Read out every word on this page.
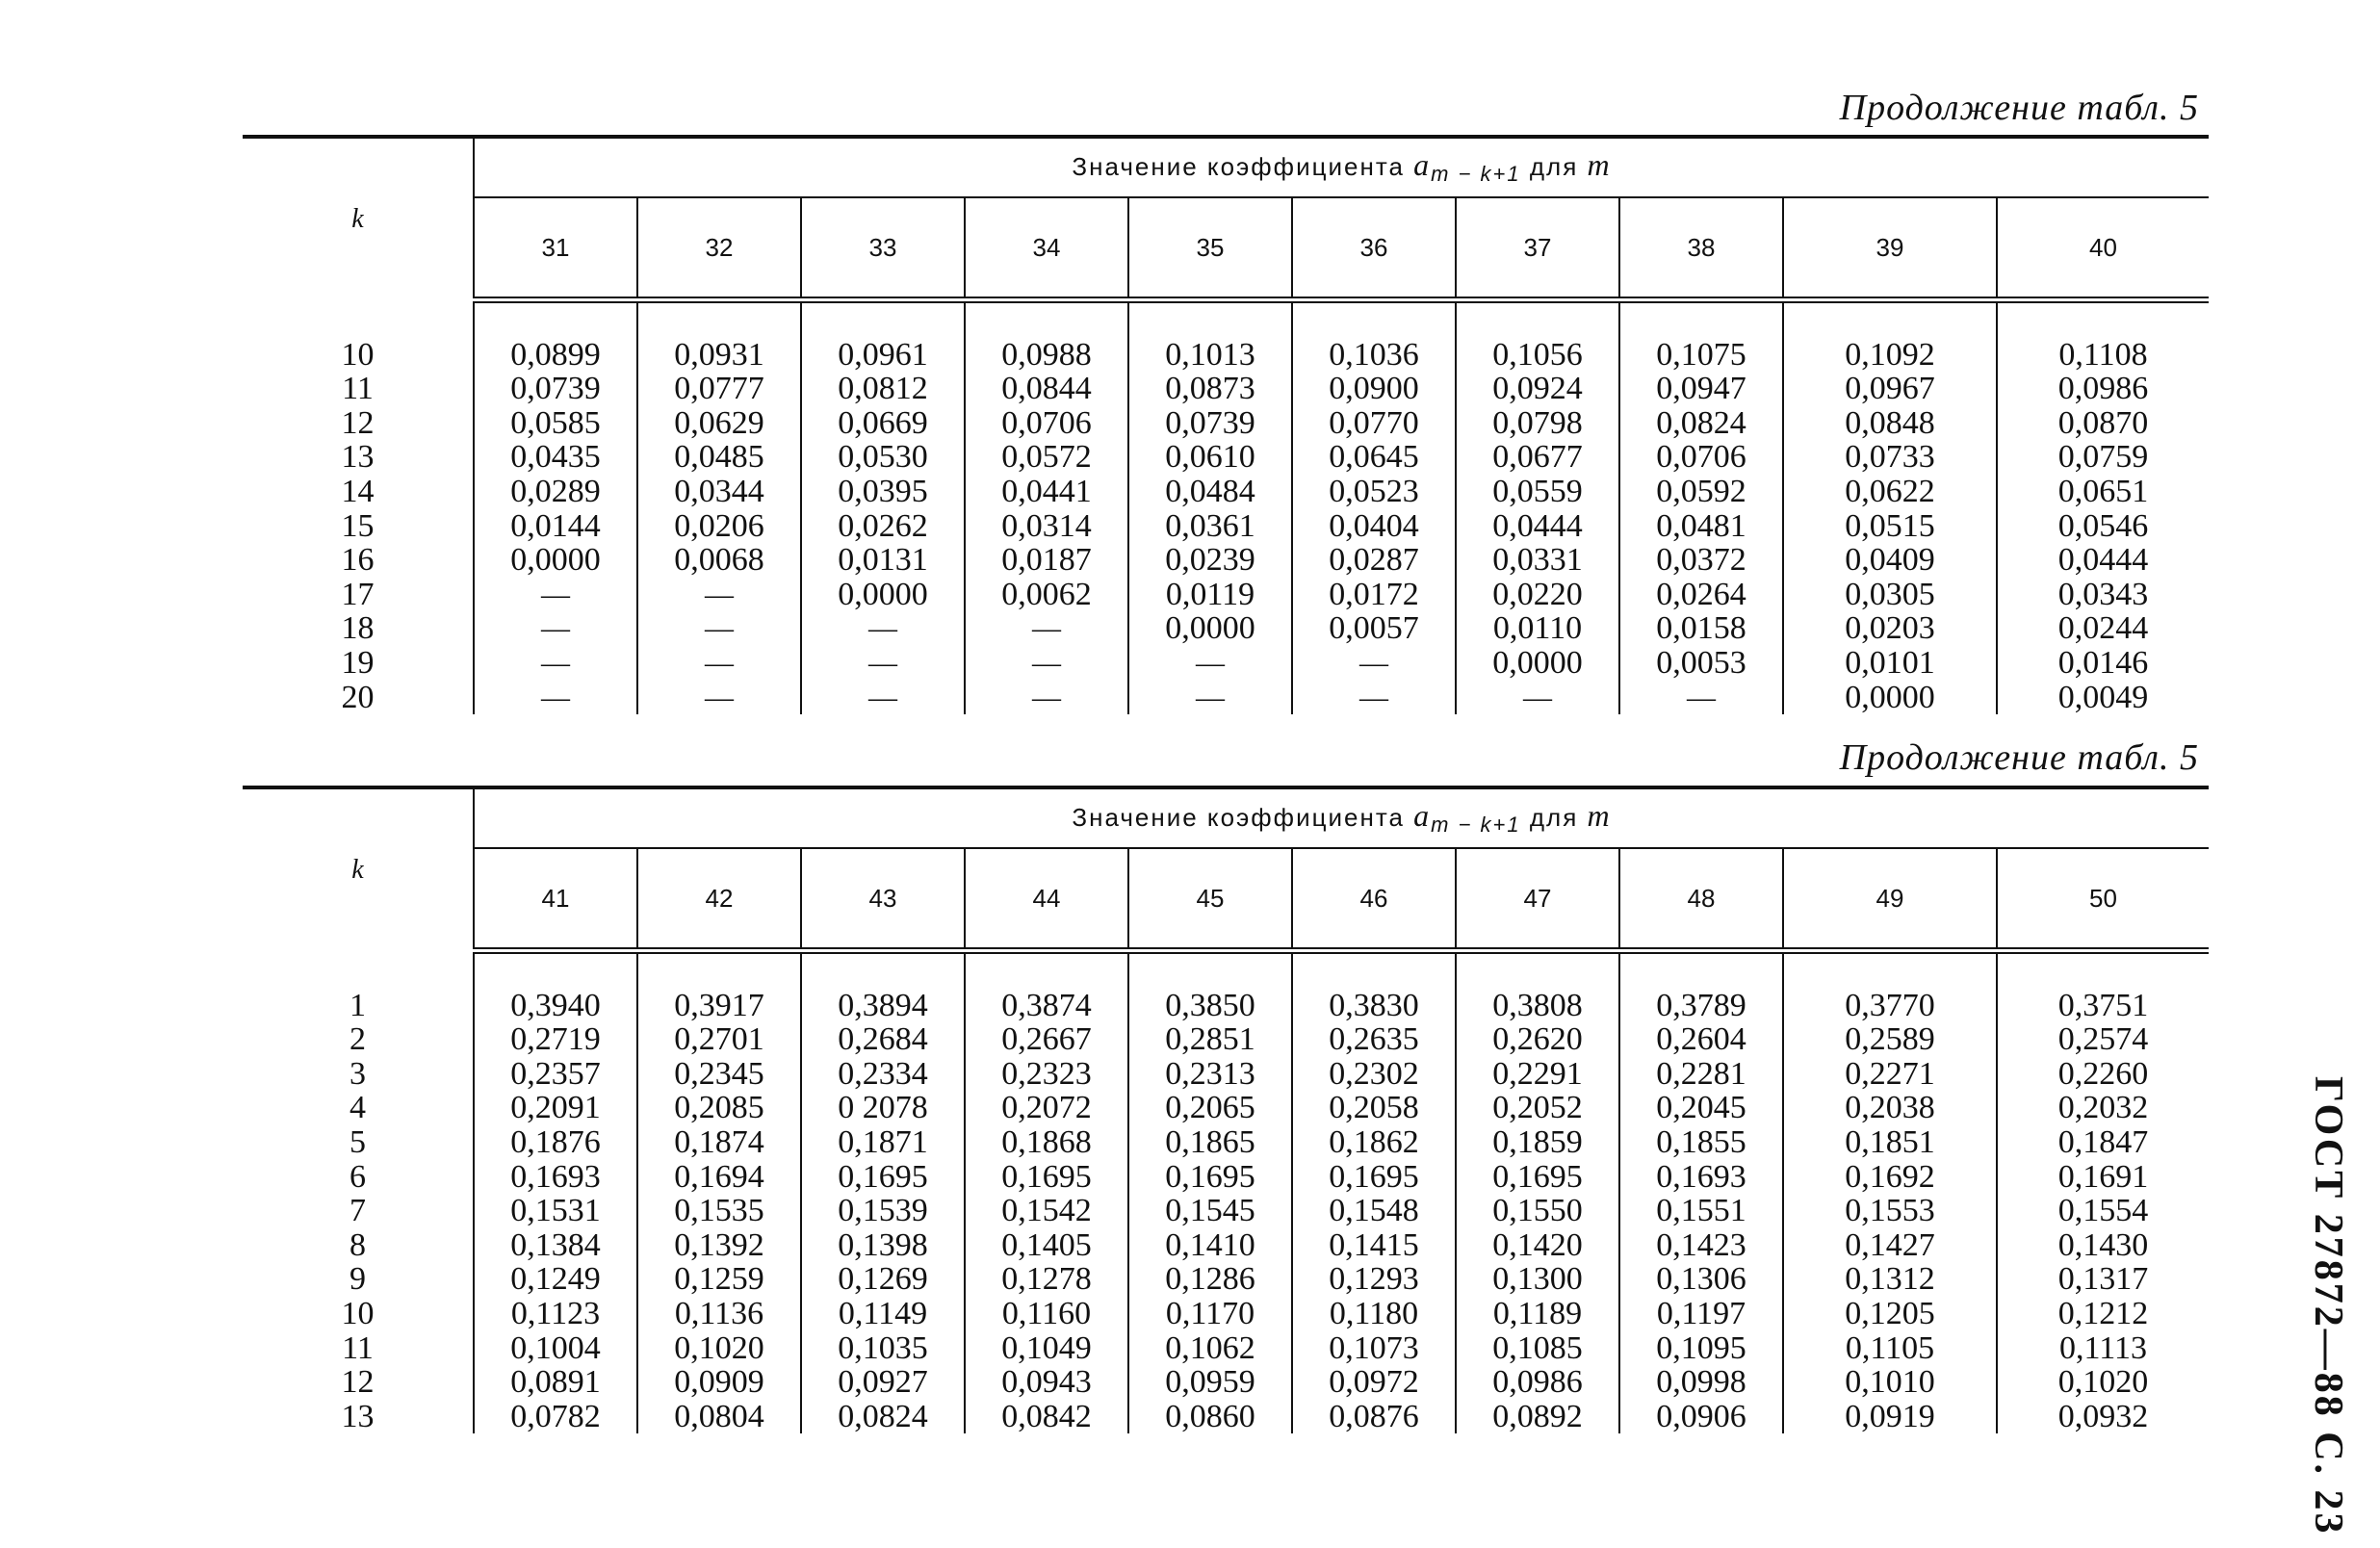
Продолжение табл. 5
k	Значение коэффициента $a_{m - k+1}$ для m									
	31	32	33	34	35	36	37	38	39	40

10	0,0899	0,0931	0,0961	0,0988	0,1013	0,1036	0,1056	0,1075	0,1092	0,1108
11	0,0739	0,0777	0,0812	0,0844	0,0873	0,0900	0,0924	0,0947	0,0967	0,0986
12	0,0585	0,0629	0,0669	0,0706	0,0739	0,0770	0,0798	0,0824	0,0848	0,0870
13	0,0435	0,0485	0,0530	0,0572	0,0610	0,0645	0,0677	0,0706	0,0733	0,0759
14	0,0289	0,0344	0,0395	0,0441	0,0484	0,0523	0,0559	0,0592	0,0622	0,0651
15	0,0144	0,0206	0,0262	0,0314	0,0361	0,0404	0,0444	0,0481	0,0515	0,0546
16	0,0000	0,0068	0,0131	0,0187	0,0239	0,0287	0,0331	0,0372	0,0409	0,0444
17	—	—	0,0000	0,0062	0,0119	0,0172	0,0220	0,0264	0,0305	0,0343
18	—	—	—	—	0,0000	0,0057	0,0110	0,0158	0,0203	0,0244
19	—	—	—	—	—	—	0,0000	0,0053	0,0101	0,0146
20	—	—	—	—	—	—	—	—	0,0000	0,0049
Продолжение табл. 5
k	Значение коэффициента $a_{m - k+1}$ для m									
	41	42	43	44	45	46	47	48	49	50

1	0,3940	0,3917	0,3894	0,3874	0,3850	0,3830	0,3808	0,3789	0,3770	0,3751
2	0,2719	0,2701	0,2684	0,2667	0,2851	0,2635	0,2620	0,2604	0,2589	0,2574
3	0,2357	0,2345	0,2334	0,2323	0,2313	0,2302	0,2291	0,2281	0,2271	0,2260
4	0,2091	0,2085	0 2078	0,2072	0,2065	0,2058	0,2052	0,2045	0,2038	0,2032
5	0,1876	0,1874	0,1871	0,1868	0,1865	0,1862	0,1859	0,1855	0,1851	0,1847
6	0,1693	0,1694	0,1695	0,1695	0,1695	0,1695	0,1695	0,1693	0,1692	0,1691
7	0,1531	0,1535	0,1539	0,1542	0,1545	0,1548	0,1550	0,1551	0,1553	0,1554
8	0,1384	0,1392	0,1398	0,1405	0,1410	0,1415	0,1420	0,1423	0,1427	0,1430
9	0,1249	0,1259	0,1269	0,1278	0,1286	0,1293	0,1300	0,1306	0,1312	0,1317
10	0,1123	0,1136	0,1149	0,1160	0,1170	0,1180	0,1189	0,1197	0,1205	0,1212
11	0,1004	0,1020	0,1035	0,1049	0,1062	0,1073	0,1085	0,1095	0,1105	0,1113
12	0,0891	0,0909	0,0927	0,0943	0,0959	0,0972	0,0986	0,0998	0,1010	0,1020
13	0,0782	0,0804	0,0824	0,0842	0,0860	0,0876	0,0892	0,0906	0,0919	0,0932	ГОСТ 27872—88 С. 23
